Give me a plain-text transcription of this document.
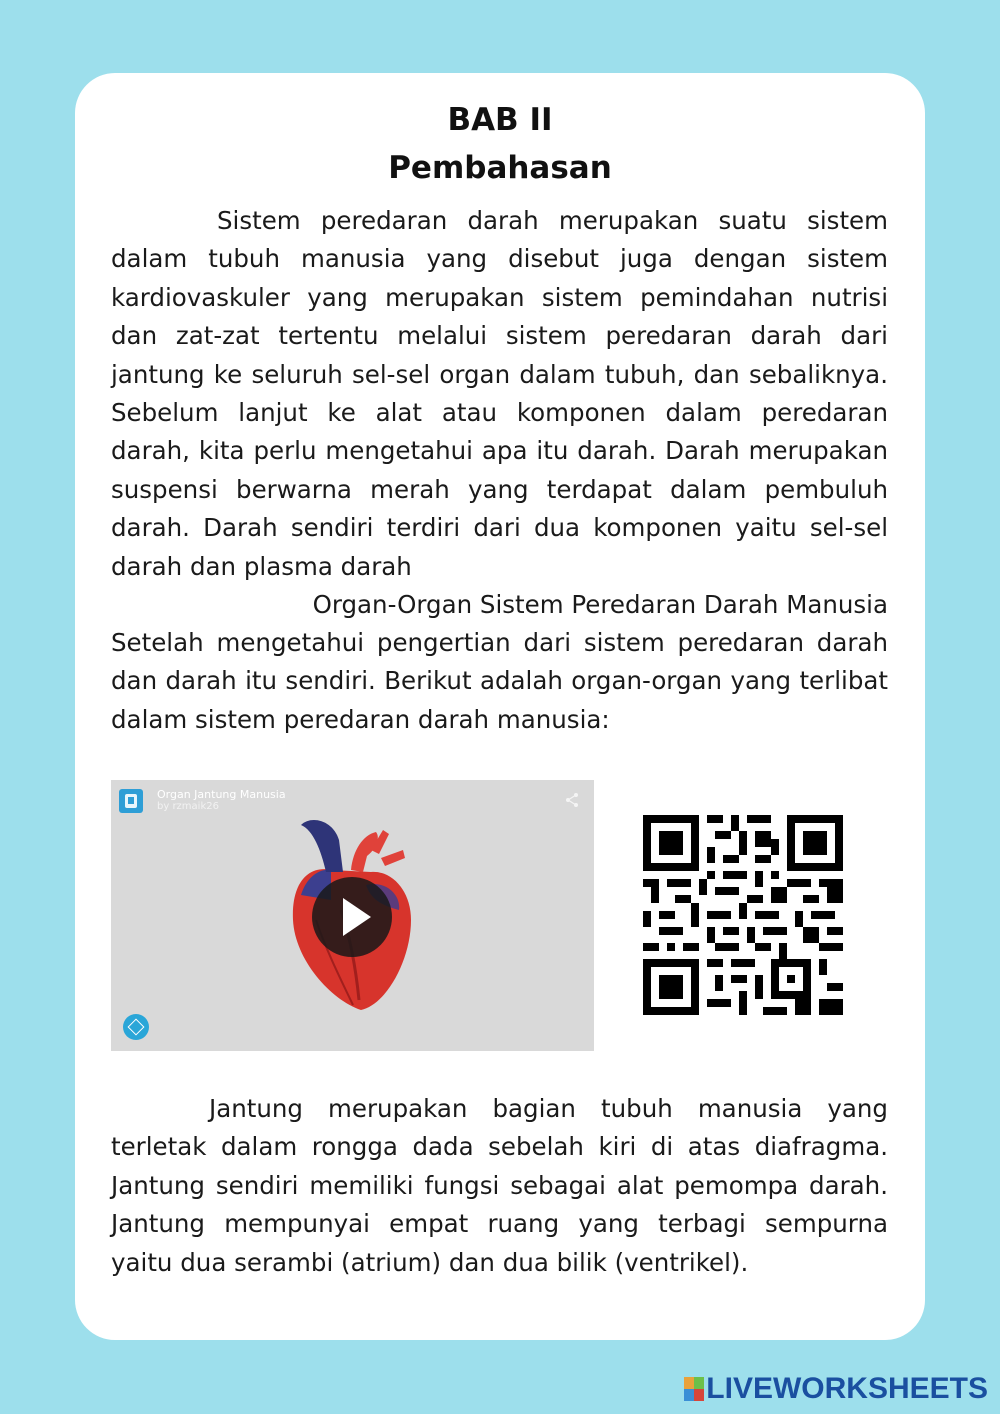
BAB II
Pembahasan

Sistem peredaran darah merupakan suatu sistem dalam tubuh manusia yang disebut juga dengan sistem kardiovaskuler yang merupakan sistem pemindahan nutrisi dan zat-zat tertentu melalui sistem peredaran darah dari jantung ke seluruh sel-sel organ dalam tubuh, dan sebaliknya. Sebelum lanjut ke alat atau komponen dalam peredaran darah, kita perlu mengetahui apa itu darah. Darah merupakan suspensi berwarna merah yang terdapat dalam pembuluh darah. Darah sendiri terdiri dari dua komponen yaitu sel-sel darah dan plasma darah

Organ-Organ Sistem Peredaran Darah Manusia

Setelah mengetahui pengertian dari sistem peredaran darah dan darah itu sendiri. Berikut adalah organ-organ yang terlibat dalam sistem peredaran darah manusia:

Organ Jantung Manusia
by rzmaik26

Jantung merupakan bagian tubuh manusia yang terletak dalam rongga dada sebelah kiri di atas diafragma. Jantung sendiri memiliki fungsi sebagai alat pemompa darah. Jantung mempunyai empat ruang yang terbagi sempurna yaitu dua serambi (atrium) dan dua bilik (ventrikel).

LIVEWORKSHEETS
